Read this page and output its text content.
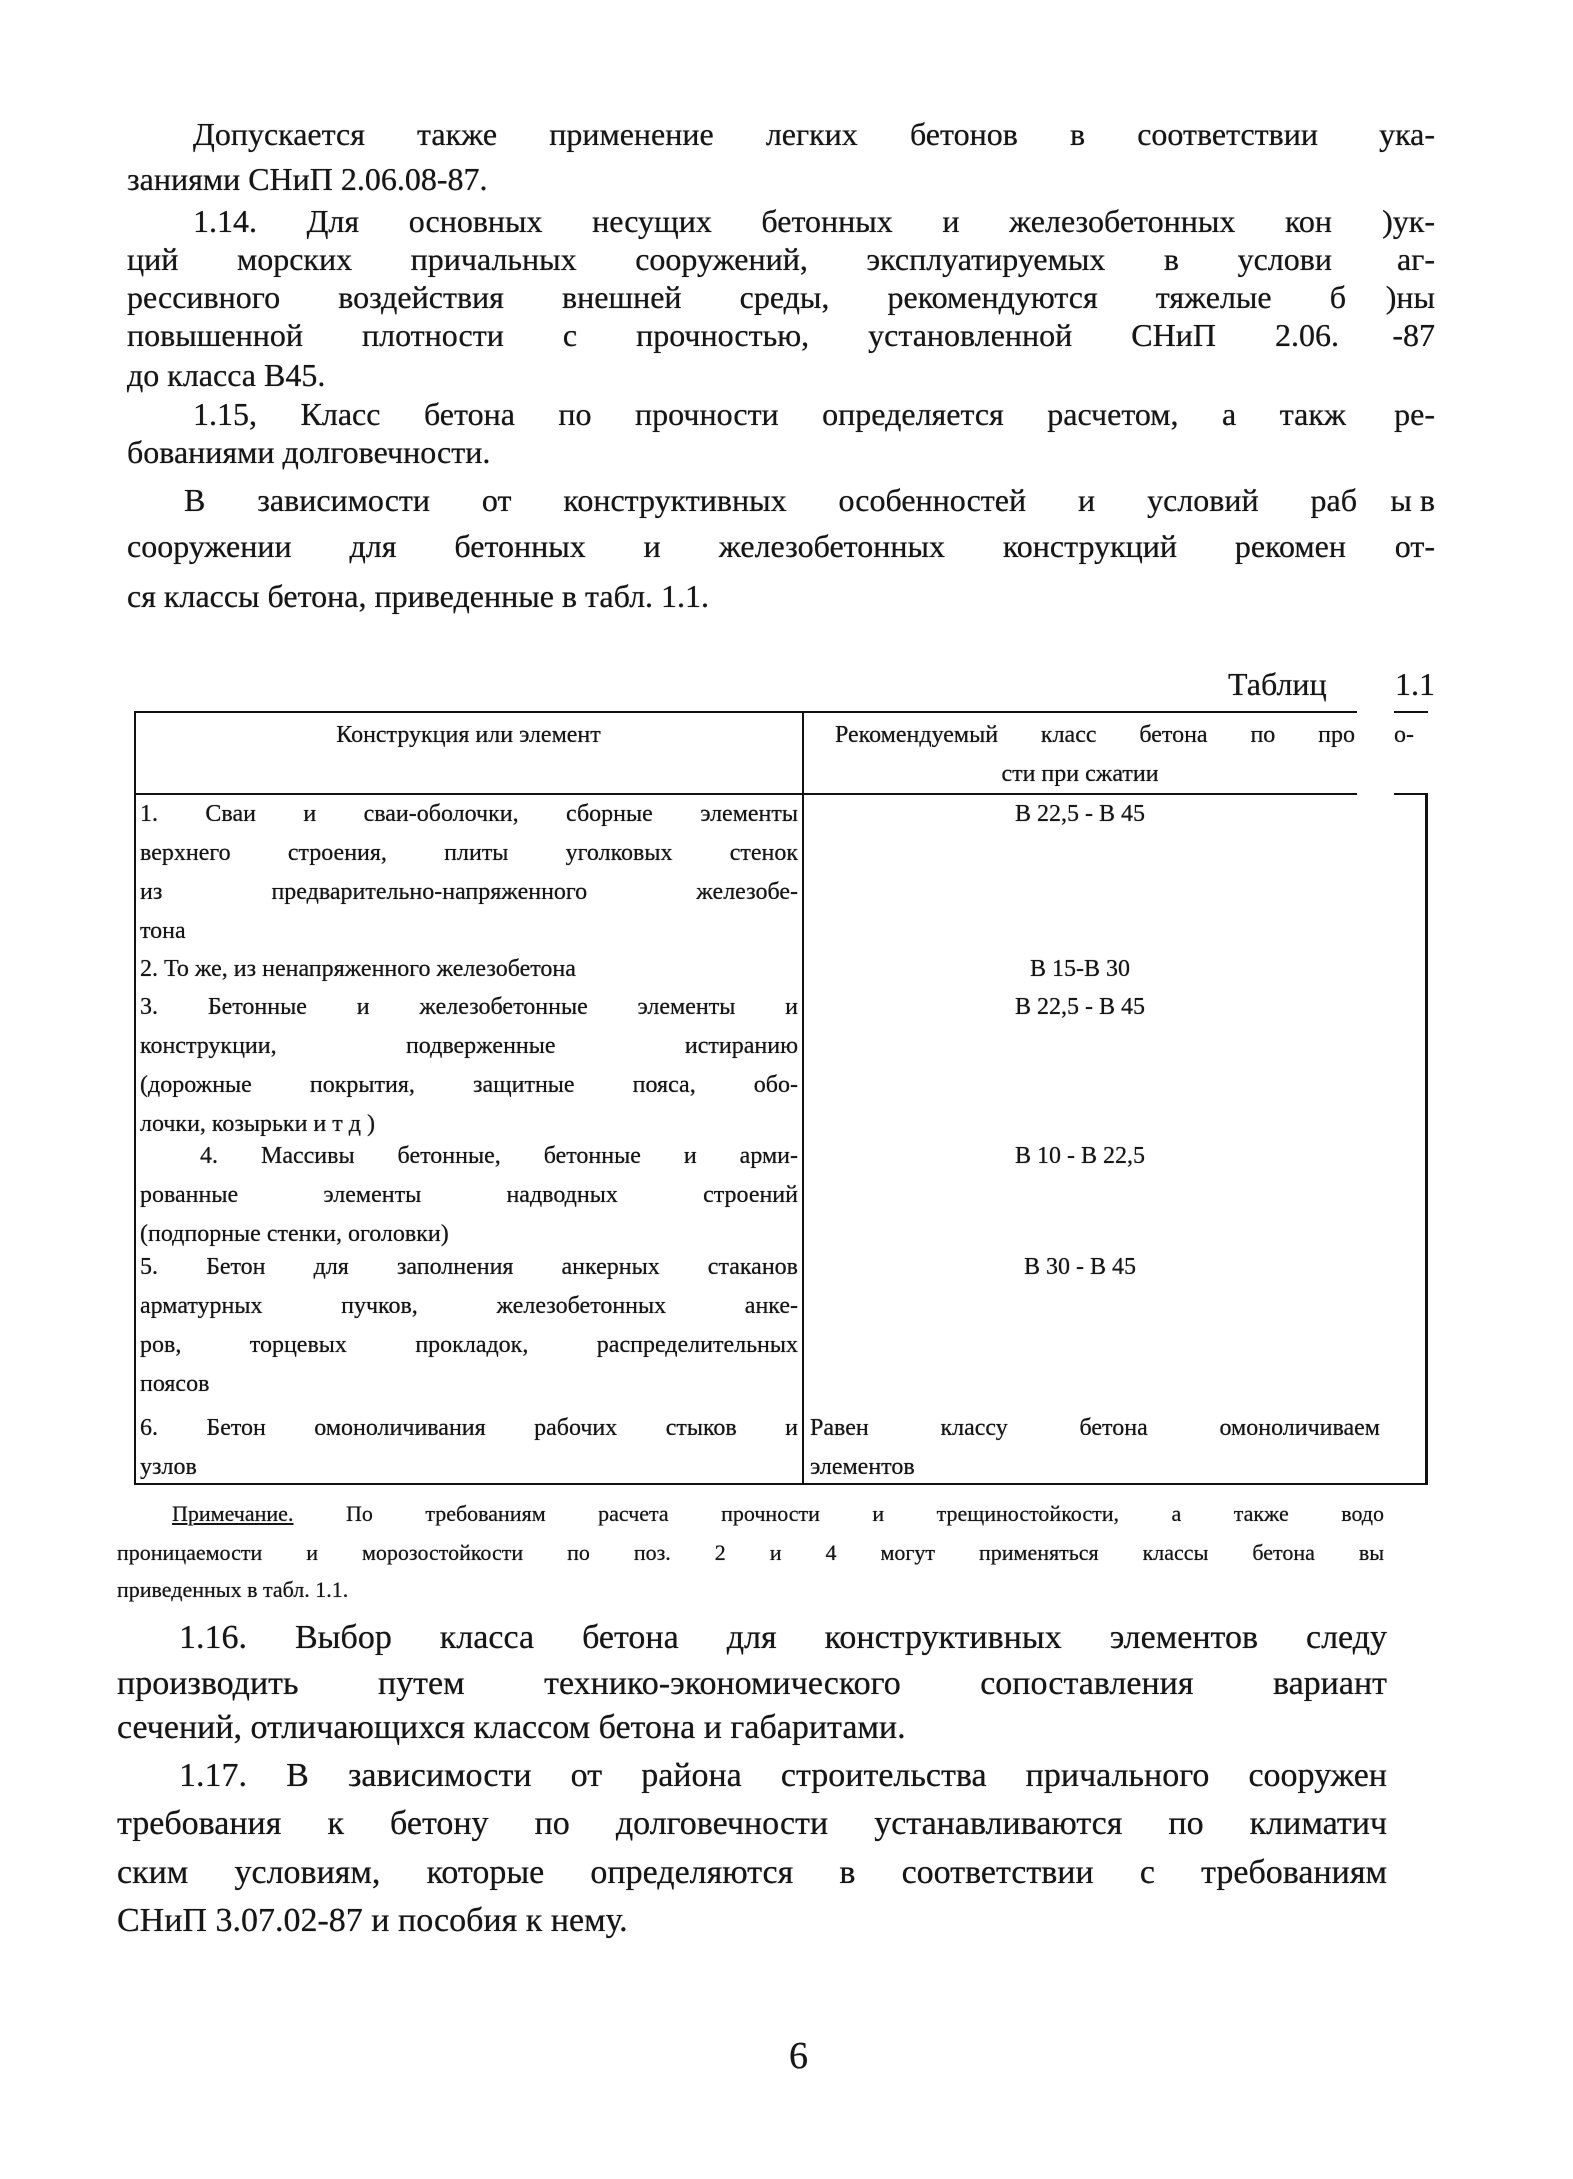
Допускается также применение легких бетонов в соответствии ука-
заниями СНиП 2.06.08-87.
1.14. Для основных несущих бетонных и железобетонных кон )ук-
ций морских причальных сооружений, эксплуатируемых в услови аг-
рессивного воздействия внешней среды, рекомендуются тяжелые б )ны
повышенной плотности с прочностью, установленной СНиП 2.06. -87
до класса В45.
1.15, Класс бетона по прочности определяется расчетом, а такж ре-
бованиями долговечности.
В зависимости от конструктивных особенностей и условий раб ы в
сооружении для бетонных и железобетонных конструкций рекомен от-
ся классы бетона, приведенные в табл. 1.1.
Таблиц 1.1
Конструкция или элемент	Рекомендуемый класс бетона по про о-
сти при сжатии
1. Сваи и сваи-оболочки, сборные элементы
верхнего строения, плиты уголковых стенок
из предварительно-напряженного железобе-
тона
В 22,5 - В 45
2. То же, из ненапряженного железобетона	В 15-В 30
3. Бетонные и железобетонные элементы и
конструкции, подверженные истиранию
(дорожные покрытия, защитные пояса, обо-
лочки, козырьки и т д )
В 22,5 - В 45
4. Массивы бетонные, бетонные и арми-
рованные элементы надводных строений
(подпорные стенки, оголовки)
В 10 - В 22,5
5. Бетон для заполнения анкерных стаканов
арматурных пучков, железобетонных анке-
ров, торцевых прокладок, распределительных
поясов
В 30 - В 45
6. Бетон омоноличивания рабочих стыков и
узлов
Равен классу бетона омоноличиваем
элементов
Примечание. По требованиям расчета прочности и трещиностойкости, а также водо
проницаемости и морозостойкости по поз. 2 и 4 могут применяться классы бетона вы
приведенных в табл. 1.1.
1.16. Выбор класса бетона для конструктивных элементов следу
производить путем технико-экономического сопоставления вариант
сечений, отличающихся классом бетона и габаритами.
1.17. В зависимости от района строительства причального сооружен
требования к бетону по долговечности устанавливаются по климатич
ским условиям, которые определяются в соответствии с требованиям
СНиП 3.07.02-87 и пособия к нему.
6
